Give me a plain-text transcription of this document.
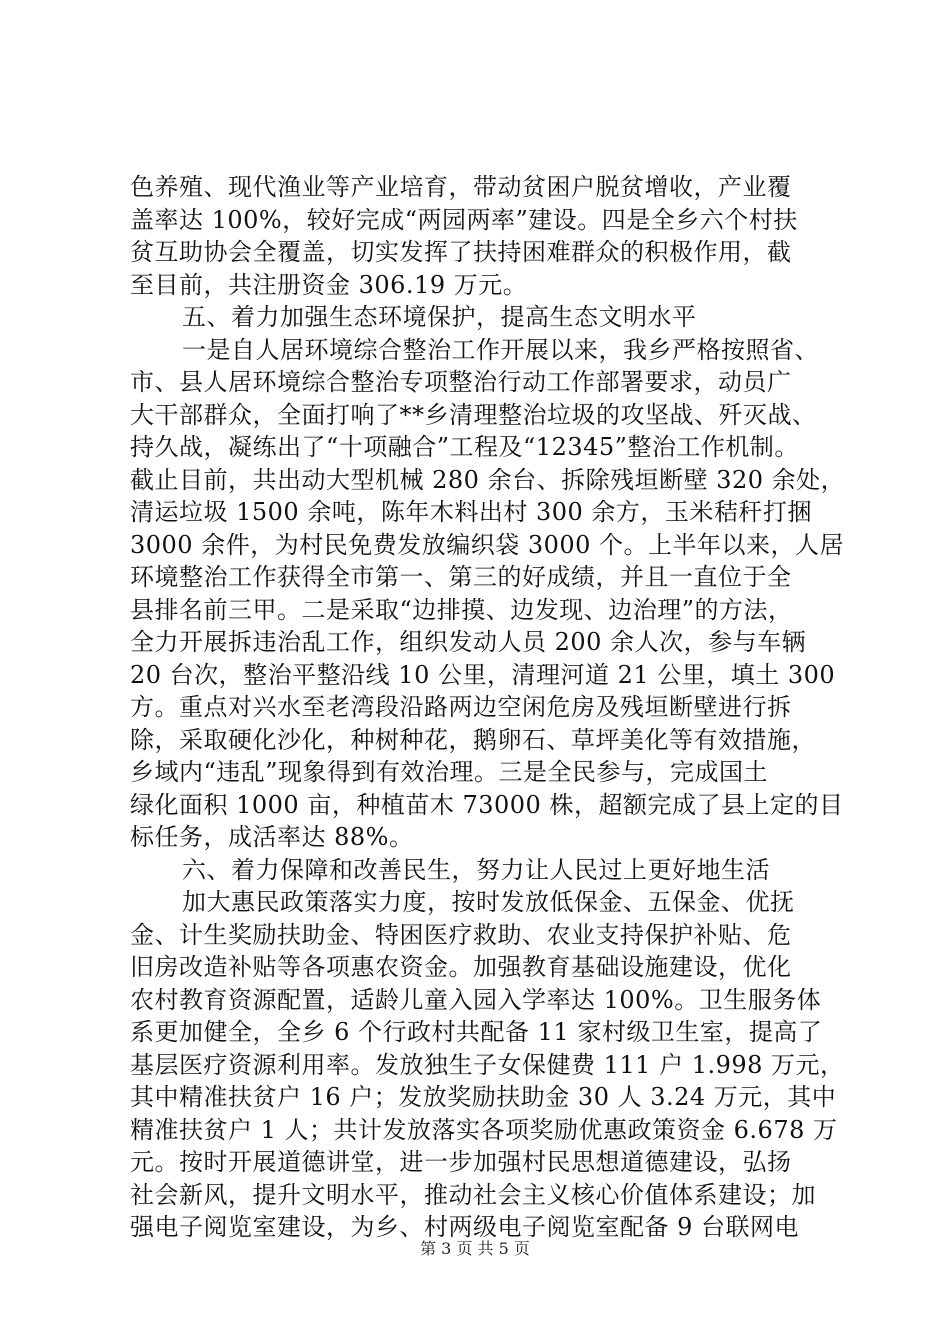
色养殖、现代渔业等产业培育，带动贫困户脱贫增收，产业覆
盖率达 100%，较好完成“两园两率”建设。四是全乡六个村扶
贫互助协会全覆盖，切实发挥了扶持困难群众的积极作用，截
至目前，共注册资金 306.19 万元。
五、着力加强生态环境保护，提高生态文明水平
一是自人居环境综合整治工作开展以来，我乡严格按照省、
市、县人居环境综合整治专项整治行动工作部署要求，动员广
大干部群众，全面打响了**乡清理整治垃圾的攻坚战、歼灭战、
持久战，凝练出了“十项融合”工程及“12345”整治工作机制。
截止目前，共出动大型机械 280 余台、拆除残垣断壁 320 余处，
清运垃圾 1500 余吨，陈年木料出村 300 余方，玉米秸秆打捆
3000 余件，为村民免费发放编织袋 3000 个。上半年以来，人居
环境整治工作获得全市第一、第三的好成绩，并且一直位于全
县排名前三甲。二是采取“边排摸、边发现、边治理”的方法，
全力开展拆违治乱工作，组织发动人员 200 余人次，参与车辆
20 台次，整治平整沿线 10 公里，清理河道 21 公里，填土 300
方。重点对兴水至老湾段沿路两边空闲危房及残垣断壁进行拆
除，采取硬化沙化，种树种花，鹅卵石、草坪美化等有效措施，
乡域内“违乱”现象得到有效治理。三是全民参与，完成国土
绿化面积 1000 亩，种植苗木 73000 株，超额完成了县上定的目
标任务，成活率达 88%。
六、着力保障和改善民生，努力让人民过上更好地生活
加大惠民政策落实力度，按时发放低保金、五保金、优抚
金、计生奖励扶助金、特困医疗救助、农业支持保护补贴、危
旧房改造补贴等各项惠农资金。加强教育基础设施建设，优化
农村教育资源配置，适龄儿童入园入学率达 100%。卫生服务体
系更加健全，全乡 6 个行政村共配备 11 家村级卫生室，提高了
基层医疗资源利用率。发放独生子女保健费 111 户 1.998 万元，
其中精准扶贫户 16 户；发放奖励扶助金 30 人 3.24 万元，其中
精准扶贫户 1 人；共计发放落实各项奖励优惠政策资金 6.678 万
元。按时开展道德讲堂，进一步加强村民思想道德建设，弘扬
社会新风，提升文明水平，推动社会主义核心价值体系建设；加
强电子阅览室建设，为乡、村两级电子阅览室配备 9 台联网电
第 3 页 共 5 页
